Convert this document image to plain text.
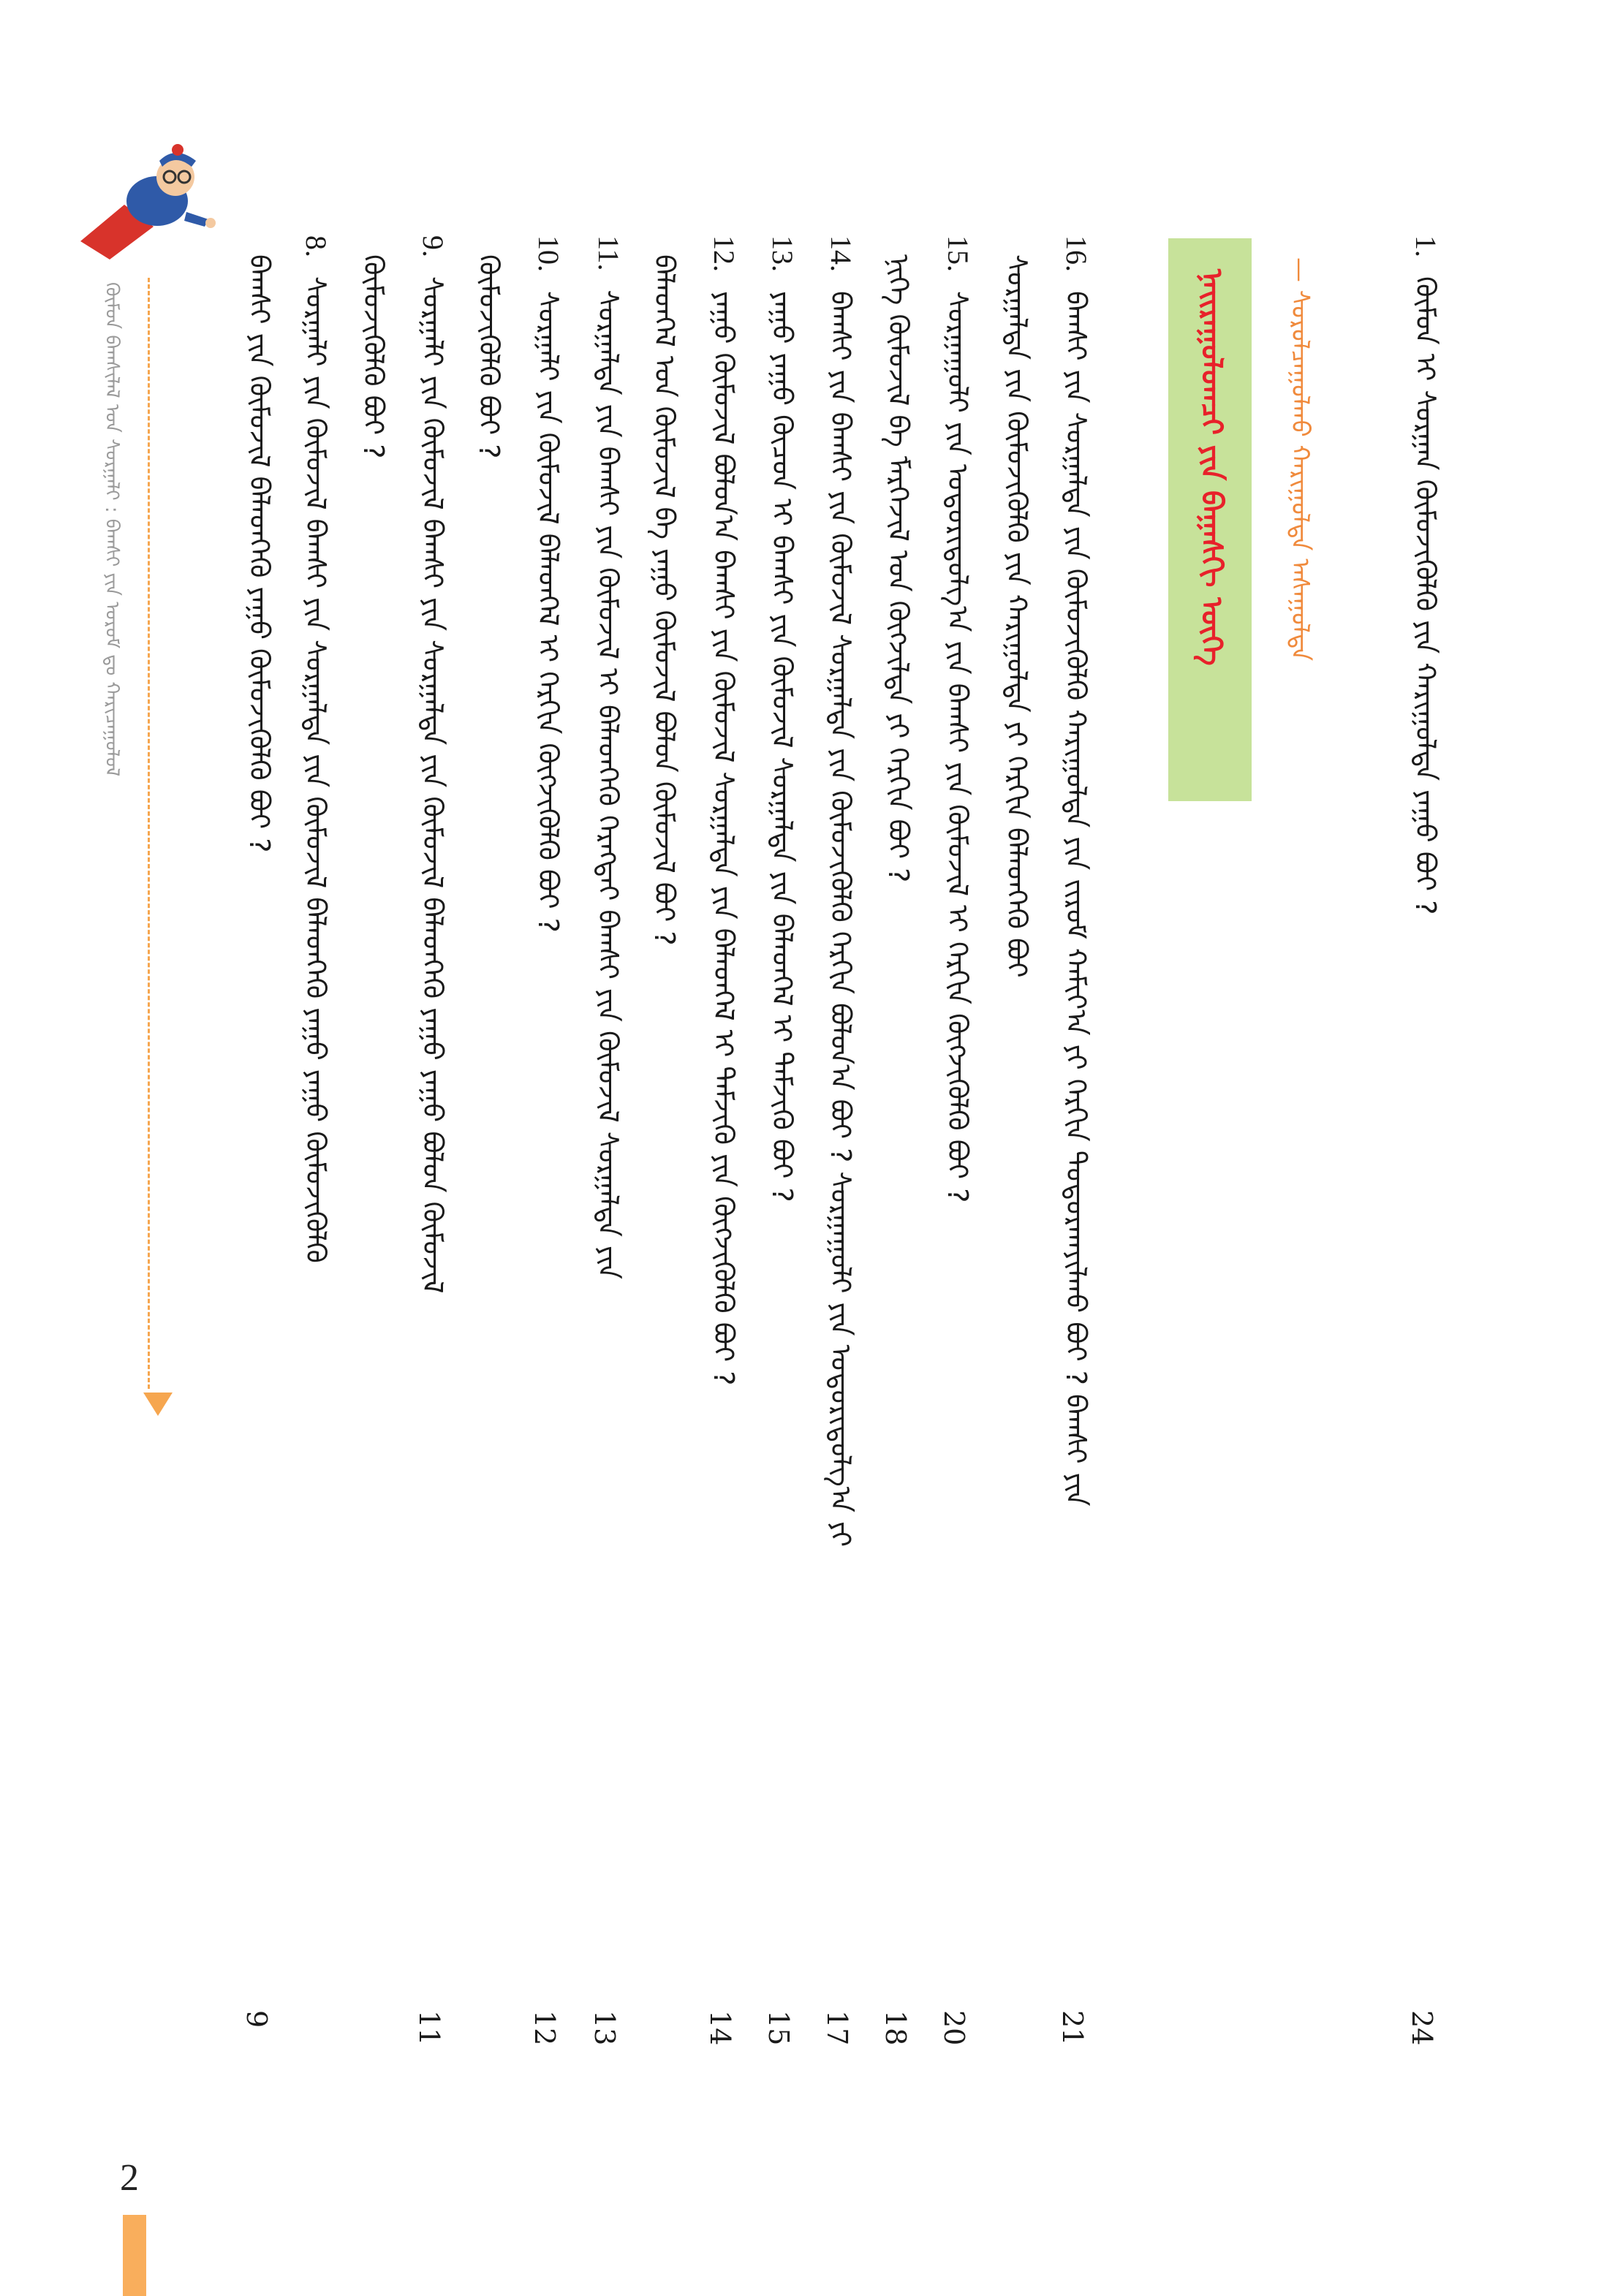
ᠨᠠᠢᠷᠠᠭᠤᠯᠤᠭᠴᠢ ᠶᠢᠨ ᠪᠠᠭᠠᠰᠬᠢ ᠦᠭᠡ	— ᠰᠤᠷᠤᠯᠴᠠᠭᠤᠯᠬᠤ ᠬᠠᠷᠢᠭᠤᠯᠲᠠ ᠠᠰᠠᠭᠤᠯᠲᠠ
ᠬᠦᠮᠦᠨ ᠪᠠᠭᠰᠢᠯᠠᠯ ᠤᠨ ᠰᠤᠷᠭᠠᠯᠢ : ᠪᠠᠭᠰᠢ ᠶᠢᠨ ᠤᠷᠤᠮ ᠳᠤ ᠬᠠᠷᠢᠴᠠᠭᠤᠯᠤᠯ
2
1.ᠬᠦᠮᠦᠨ ᠢ ᠰᠤᠷᠭᠠᠨ ᠬᠦᠮᠦᠵᠢᠭᠦᠯᠬᠦ ᠶᠢᠨ ᠬᠠᠷᠢᠭᠤᠯᠲᠠ ᠶᠠᠭᠤ ᠪᠤᠢ ?
24
16.ᠪᠠᠭᠰᠢ ᠶᠢᠨ ᠰᠤᠷᠭᠠᠯᠲᠠ ᠶᠢᠨ ᠬᠦᠮᠦᠵᠢᠭᠦᠯᠬᠦ ᠬᠠᠷᠢᠭᠤᠯᠲᠠ ᠶᠢᠨ ᠵᠢᠷᠤᠮ ᠬᠠᠮᠢᠶ᠎ᠠ ᠶᠢ ᠬᠡᠷᠬᠢᠨ ᠲᠣᠳᠣᠷᠬᠠᠶᠢᠯᠬᠤ ᠪᠤᠢ ? ᠪᠠᠭᠰᠢ ᠶᠢᠨ
21
ᠰᠤᠷᠭᠠᠯᠲᠠ ᠶᠢᠨ ᠬᠦᠮᠦᠵᠢᠭᠦᠯᠬᠦ ᠶᠢᠨ ᠬᠠᠷᠢᠭᠤᠯᠲᠠ ᠶᠢ ᠬᠡᠷᠬᠢᠨ ᠪᠡᠯᠡᠳᠬᠡᠬᠦ ᠪᠤᠢ
15.ᠰᠤᠷᠭᠠᠭᠤᠯᠢ ᠶᠢᠨ ᠤᠳᠤᠷᠢᠳᠤᠯᠭ᠎ᠠ ᠶᠢᠨ ᠪᠠᠭᠰᠢ ᠶᠢᠨ ᠬᠦᠮᠦᠵᠢᠯ ᠢ ᠬᠡᠷᠬᠢᠨ ᠬᠥᠭᠵᠢᠭᠦᠯᠬᠦ ᠪᠤᠢ ?
20
ᠨᠢᠭᠡ ᠬᠦᠮᠦᠵᠢᠯ ᠪᠠ ᠮᠡᠷᠭᠡᠵᠢᠯ ᠤᠨ ᠬᠥᠭᠵᠢᠯᠲᠡ ᠶᠢ ᠬᠡᠷᠬᠢᠨ ᠪᠤᠢ ?
18
14.ᠪᠠᠭᠰᠢ ᠶᠢᠨ ᠪᠠᠭᠰᠢ ᠶᠢᠨ ᠬᠦᠮᠦᠵᠢᠯ ᠰᠤᠷᠭᠠᠯᠲᠠ ᠶᠢᠨ ᠬᠦᠮᠦᠵᠢᠭᠦᠯᠬᠦ ᠬᠡᠷᠬᠢᠨ ᠪᠣᠯᠤᠨ᠎ᠠ ᠪᠤᠢ ? ᠰᠤᠷᠭᠠᠭᠤᠯᠢ ᠶᠢᠨ ᠤᠳᠤᠷᠢᠳᠤᠯᠭ᠎ᠠ ᠶᠢ
17
13.ᠶᠠᠭᠤ ᠶᠠᠭᠤ ᠬᠦᠴᠦᠨ ᠢ ᠪᠠᠭᠰᠢ ᠶᠢᠨ ᠬᠦᠮᠦᠵᠢᠯ ᠰᠤᠷᠭᠠᠯᠲᠠ ᠶᠢᠨ ᠪᠡᠯᠡᠳᠬᠡᠯ ᠢ ᠳᠡᠮᠵᠢᠬᠦ ᠪᠤᠢ ?
15
12.ᠶᠠᠭᠤ ᠬᠦᠮᠦᠵᠢᠯ ᠪᠣᠯᠤᠨ᠎ᠠ ᠪᠠᠭᠰᠢ ᠶᠢᠨ ᠬᠦᠮᠦᠵᠢᠯ ᠰᠤᠷᠭᠠᠯᠲᠠ ᠶᠢᠨ ᠪᠡᠯᠡᠳᠬᠡᠯ ᠢ ᠳᠡᠮᠵᠢᠬᠦ ᠶᠢᠨ ᠬᠥᠭᠵᠢᠭᠦᠯᠬᠦ ᠪᠤᠢ ?
14
ᠪᠡᠯᠡᠳᠬᠡᠯ ᠤᠨ ᠬᠦᠮᠦᠵᠢᠯ ᠪᠠ ᠶᠠᠭᠤ ᠬᠦᠮᠦᠵᠢᠯ ᠪᠣᠯᠤᠨ ᠬᠦᠮᠦᠵᠢᠯ ᠪᠤᠢ ?
11.ᠰᠤᠷᠭᠠᠯᠲᠠ ᠶᠢᠨ ᠪᠠᠭᠰᠢ ᠶᠢᠨ ᠬᠦᠮᠦᠵᠢᠯ ᠢ ᠪᠡᠯᠡᠳᠬᠡᠬᠦ ᠬᠡᠷᠡᠭᠲᠡᠢ ᠪᠠᠭᠰᠢ ᠶᠢᠨ ᠬᠦᠮᠦᠵᠢᠯ ᠰᠤᠷᠭᠠᠯᠲᠠ ᠶᠢᠨ
13
10.ᠰᠤᠷᠭᠠᠯᠢ ᠶᠢᠨ ᠬᠦᠮᠦᠵᠢᠯ ᠪᠡᠯᠡᠳᠬᠡᠯ ᠢ ᠬᠡᠷᠬᠢᠨ ᠬᠥᠭᠵᠢᠭᠦᠯᠬᠦ ᠪᠤᠢ ?
12
ᠬᠦᠮᠦᠵᠢᠭᠦᠯᠬᠦ ᠪᠤᠢ ?
9.ᠰᠤᠷᠭᠠᠯᠢ ᠶᠢᠨ ᠬᠦᠮᠦᠵᠢᠯ ᠪᠠᠭᠰᠢ ᠶᠢᠨ ᠰᠤᠷᠭᠠᠯᠲᠠ ᠶᠢᠨ ᠬᠦᠮᠦᠵᠢᠯ ᠪᠡᠯᠡᠳᠬᠡᠬᠦ ᠶᠠᠭᠤ ᠶᠠᠭᠤ ᠪᠣᠯᠤᠨ ᠬᠦᠮᠦᠵᠢᠯ
11
ᠬᠦᠮᠦᠵᠢᠭᠦᠯᠬᠦ ᠪᠤᠢ ?
8.ᠰᠤᠷᠭᠠᠯᠢ ᠶᠢᠨ ᠬᠦᠮᠦᠵᠢᠯ ᠪᠠᠭᠰᠢ ᠶᠢᠨ ᠰᠤᠷᠭᠠᠯᠲᠠ ᠶᠢᠨ ᠬᠦᠮᠦᠵᠢᠯ ᠪᠡᠯᠡᠳᠬᠡᠬᠦ ᠶᠠᠭᠤ ᠶᠠᠭᠤ ᠬᠦᠮᠦᠵᠢᠭᠦᠯᠬᠦ
ᠪᠠᠭᠰᠢ ᠶᠢᠨ ᠬᠦᠮᠦᠵᠢᠯ ᠪᠡᠯᠡᠳᠬᠡᠬᠦ ᠶᠠᠭᠤ ᠬᠦᠮᠦᠵᠢᠭᠦᠯᠬᠦ ᠪᠤᠢ ?
9
